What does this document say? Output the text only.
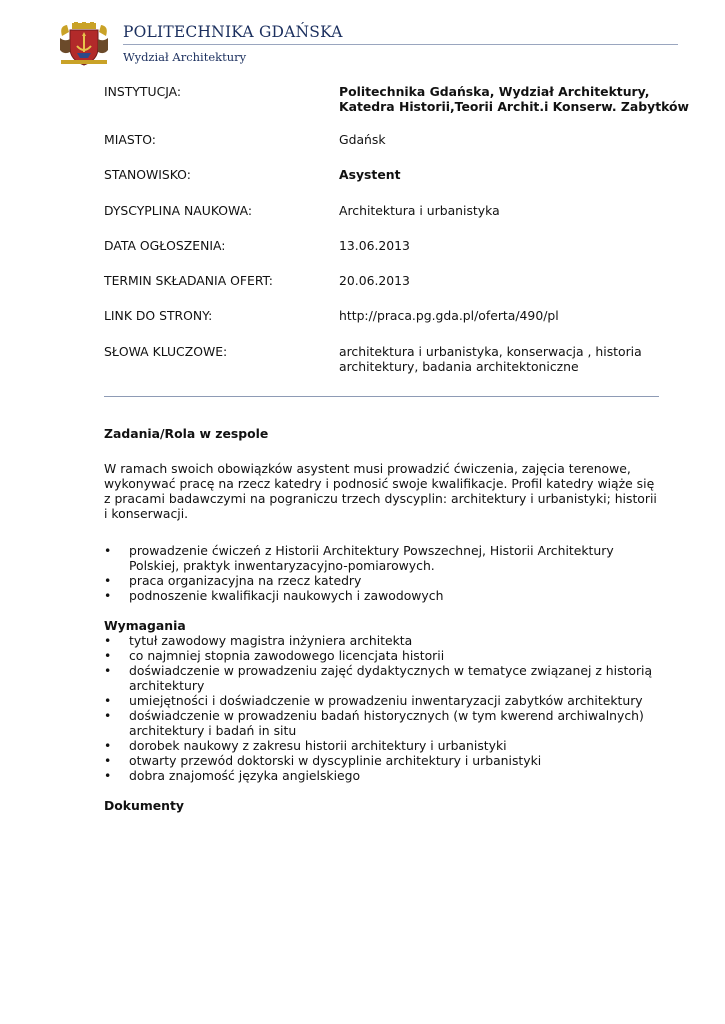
POLITECHNIKA GDAŃSKA
Wydział Architektury
INSTYTUCJA:	Politechnika Gdańska, Wydział Architektury, Katedra Historii,Teorii Archit.i Konserw. Zabytków
MIASTO:	Gdańsk
STANOWISKO:	Asystent
DYSCYPLINA NAUKOWA:	Architektura i urbanistyka
DATA OGŁOSZENIA:	13.06.2013
TERMIN SKŁADANIA OFERT:	20.06.2013
LINK DO STRONY:	http://praca.pg.gda.pl/oferta/490/pl
SŁOWA KLUCZOWE:	architektura i urbanistyka, konserwacja , historia architektury, badania architektoniczne
Zadania/Rola w zespole

W ramach swoich obowiązków asystent musi prowadzić ćwiczenia, zajęcia terenowe, wykonywać pracę na rzecz katedry i podnosić swoje kwalifikacje. Profil katedry wiąże się z pracami badawczymi na pograniczu trzech dyscyplin: architektury i urbanistyki; historii i konserwacji.

• prowadzenie ćwiczeń z Historii Architektury Powszechnej, Historii Architektury Polskiej, praktyk inwentaryzacyjno-pomiarowych.
• praca organizacyjna na rzecz katedry
• podnoszenie kwalifikacji naukowych i zawodowych
Wymagania
• tytuł zawodowy magistra inżyniera architekta
• co najmniej stopnia zawodowego licencjata historii
• doświadczenie w prowadzeniu zajęć dydaktycznych w tematyce związanej z historią architektury
• umiejętności i doświadczenie w prowadzeniu inwentaryzacji zabytków architektury
• doświadczenie w prowadzeniu badań historycznych (w tym kwerend archiwalnych) architektury i badań in situ
• dorobek naukowy z zakresu historii architektury i urbanistyki
• otwarty przewód doktorski w dyscyplinie architektury i urbanistyki
• dobra znajomość języka angielskiego
Dokumenty
